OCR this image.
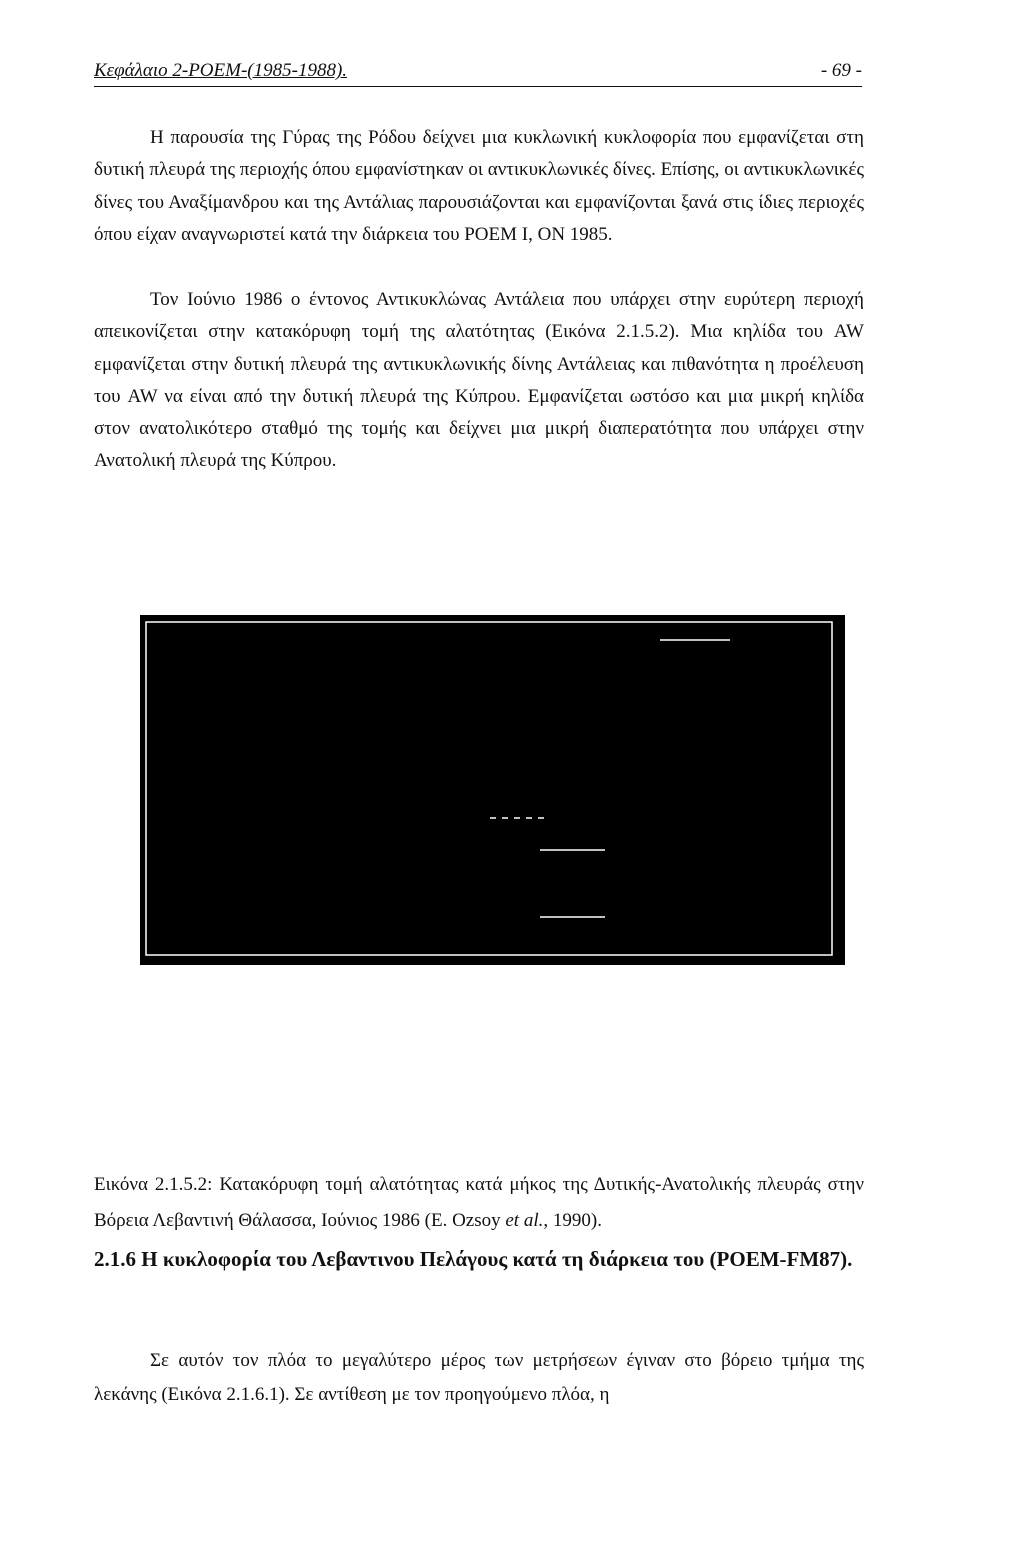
Κεφάλαιο 2-POEM-(1985-1988).	- 69 -

Η παρουσία της Γύρας της Ρόδου δείχνει μια κυκλωνική κυκλοφορία που εμφανίζεται στη δυτική πλευρά της περιοχής όπου εμφανίστηκαν οι αντικυκλωνικές δίνες. Επίσης, οι αντικυκλωνικές δίνες του Αναξίμανδρου και της Αντάλιας παρουσιάζονται και εμφανίζονται ξανά στις ίδιες περιοχές όπου είχαν αναγνωριστεί κατά την διάρκεια του POEM I, ON 1985.

Τον Ιούνιο 1986 ο έντονος Αντικυκλώνας Αντάλεια που υπάρχει στην ευρύτερη περιοχή απεικονίζεται στην κατακόρυφη τομή της αλατότητας (Εικόνα 2.1.5.2). Μια κηλίδα του AW εμφανίζεται στην δυτική πλευρά της αντικυκλωνικής δίνης Αντάλειας και πιθανότητα η προέλευση του AW να είναι από την δυτική πλευρά της Κύπρου. Εμφανίζεται ωστόσο και μια μικρή κηλίδα στον ανατολικότερο σταθμό της τομής και δείχνει μια μικρή διαπερατότητα που υπάρχει στην Ανατολική πλευρά της Κύπρου.

Εικόνα 2.1.5.2: Κατακόρυφη τομή αλατότητας κατά μήκος της Δυτικής-Ανατολικής πλευράς στην Βόρεια Λεβαντινή Θάλασσα, Ιούνιος 1986 (E. Ozsoy et al., 1990).

2.1.6 Η κυκλοφορία του Λεβαντινου Πελάγους κατά τη διάρκεια του (POEM-FM87).

Σε αυτόν τον πλόα το μεγαλύτερο μέρος των μετρήσεων έγιναν στο βόρειο τμήμα της λεκάνης (Εικόνα 2.1.6.1). Σε αντίθεση με τον προηγούμενο πλόα, η
